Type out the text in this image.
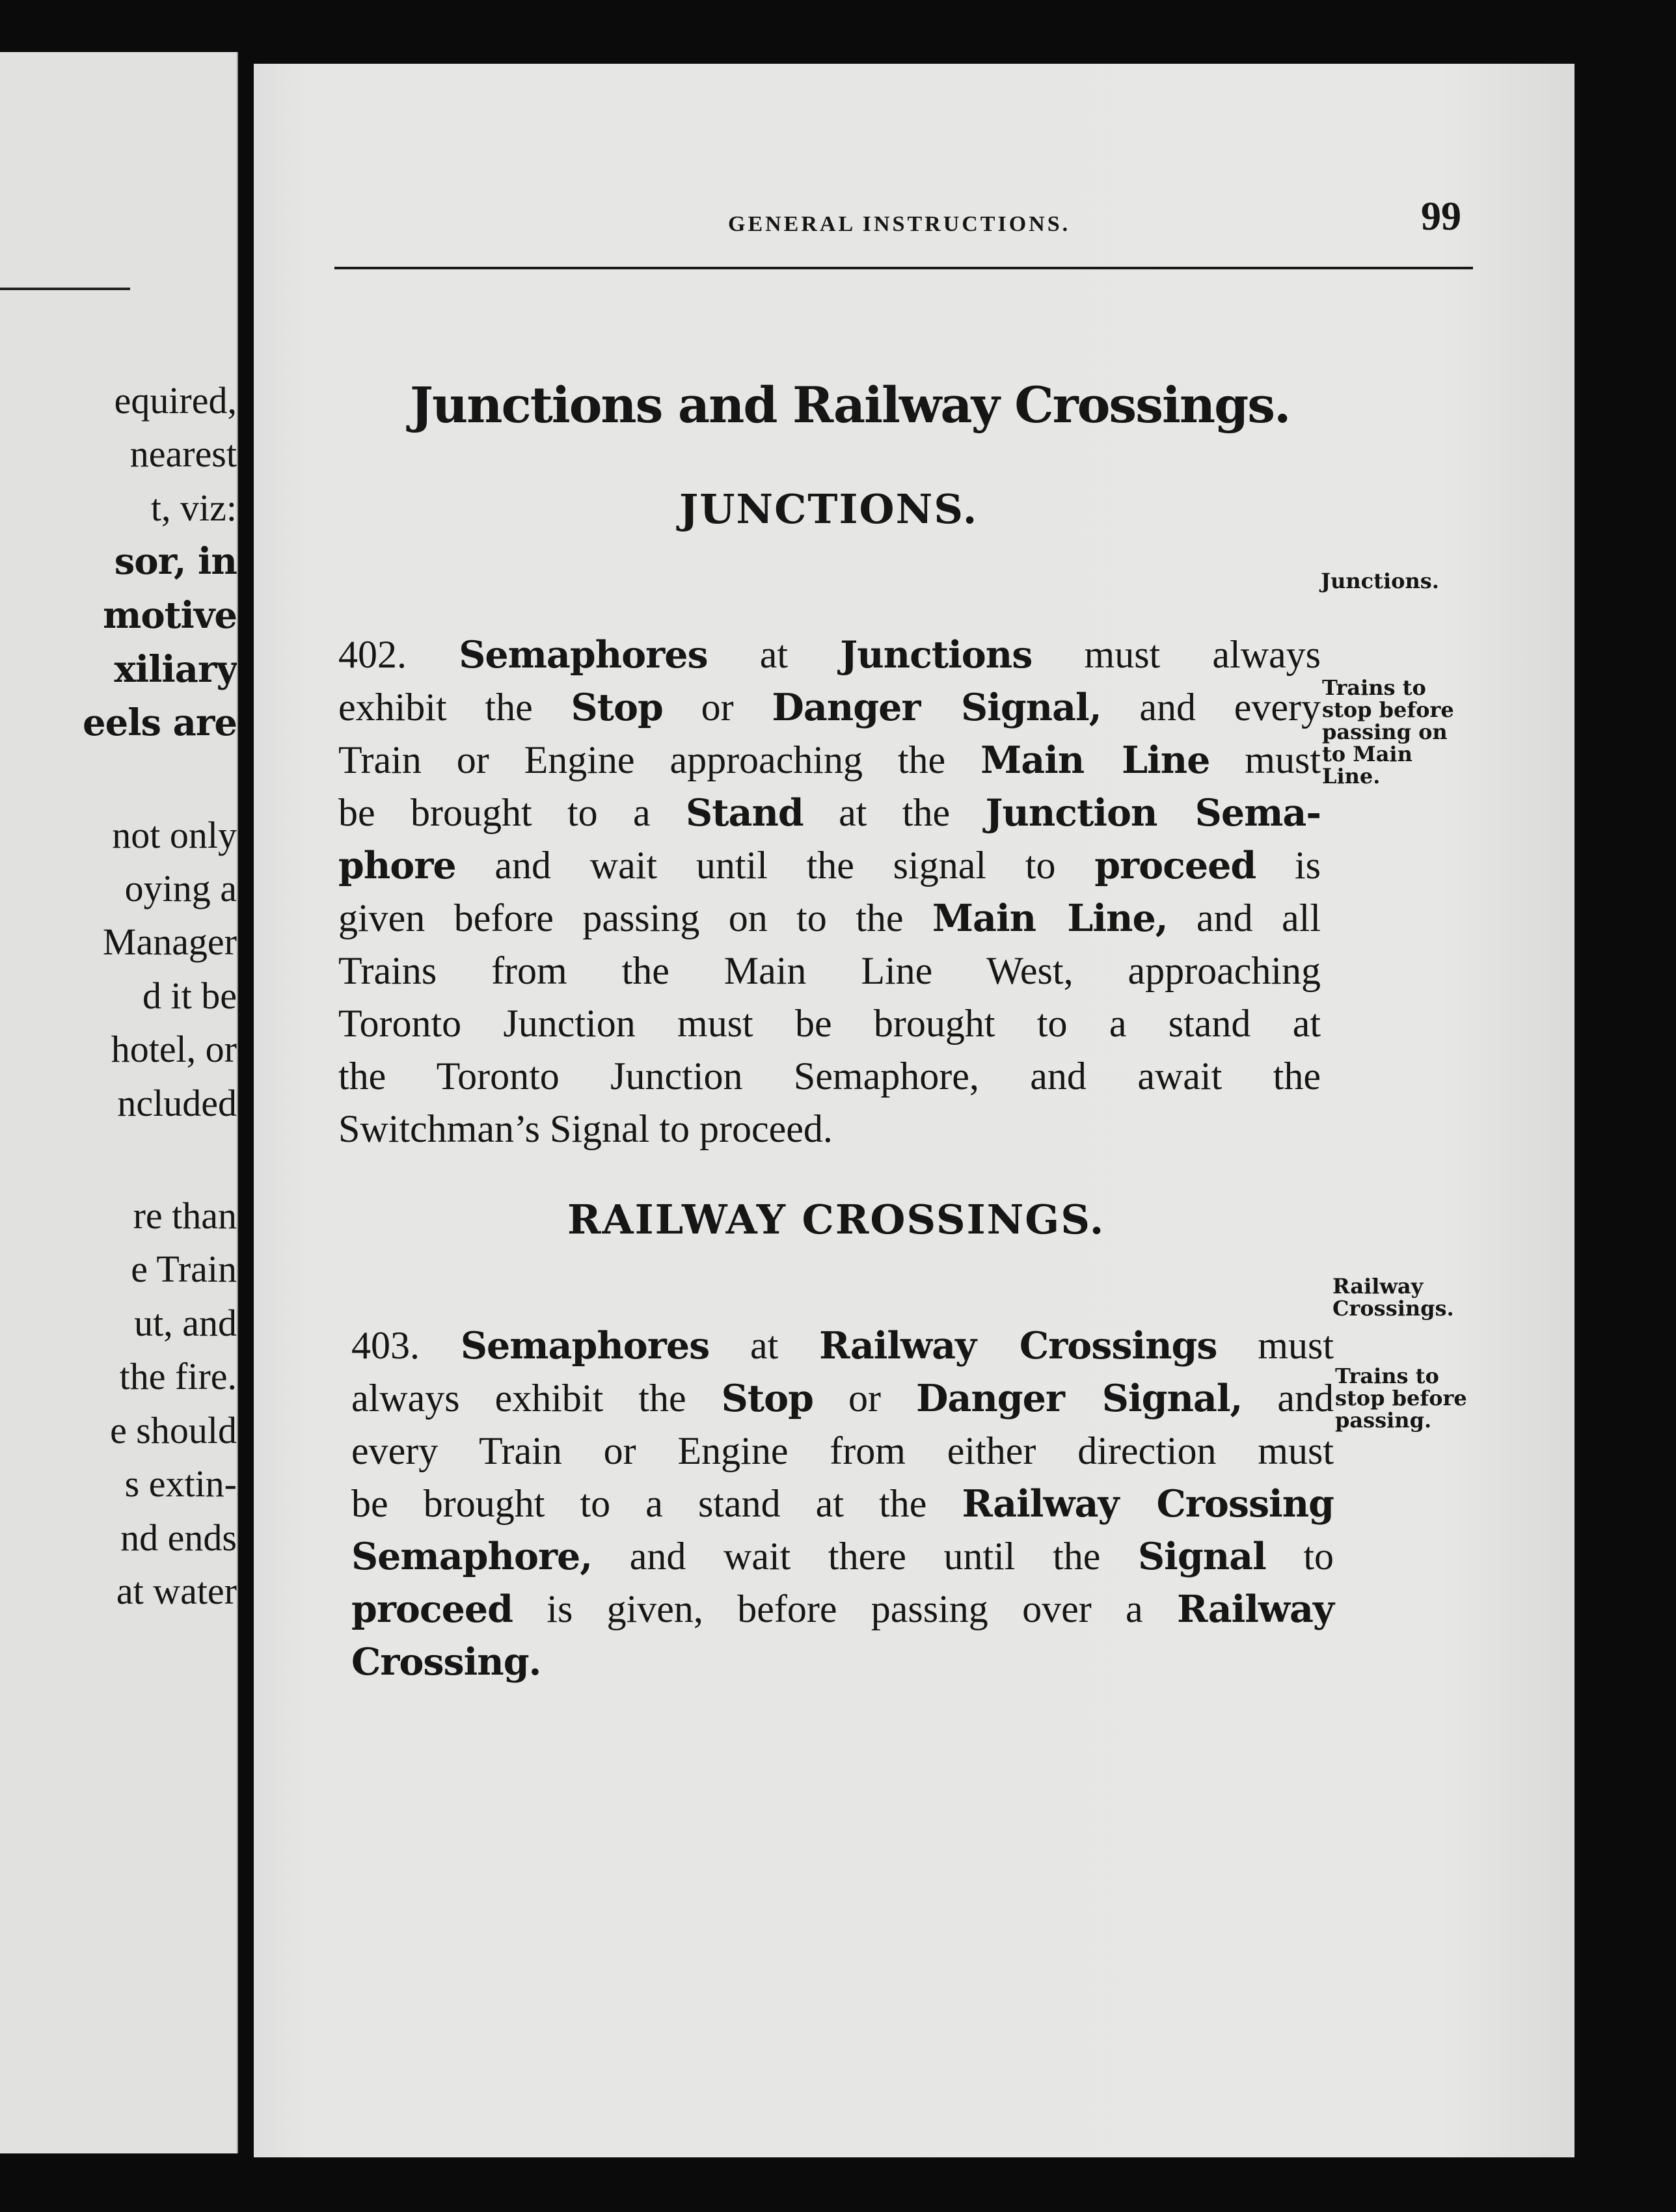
equired,
nearest
t, viz:
sor, in
motive
xiliary
eels are
not only
oying a
Manager
d it be
hotel, or
ncluded
re than
e Train
ut, and
the fire.
e should
s extin-
nd ends
at water
GENERAL INSTRUCTIONS.	99
Junctions and Railway Crossings.
JUNCTIONS.
402. Semaphores at Junctions must always
exhibit the Stop or Danger Signal, and every
Train or Engine approaching the Main Line must
be brought to a Stand at the Junction Sema-
phore and wait until the signal to proceed is
given before passing on to the Main Line, and all
Trains from the Main Line West, approaching
Toronto Junction must be brought to a stand at
the Toronto Junction Semaphore, and await the
Switchman’s Signal to proceed.
Junctions.
Trains to
stop before
passing on
to Main
Line.
RAILWAY CROSSINGS.
403. Semaphores at Railway Crossings must
always exhibit the Stop or Danger Signal, and
every Train or Engine from either direction must
be brought to a stand at the Railway Crossing
Semaphore, and wait there until the Signal to
proceed is given, before passing over a Railway
Crossing.
Railway
Crossings.
Trains to
stop before
passing.
